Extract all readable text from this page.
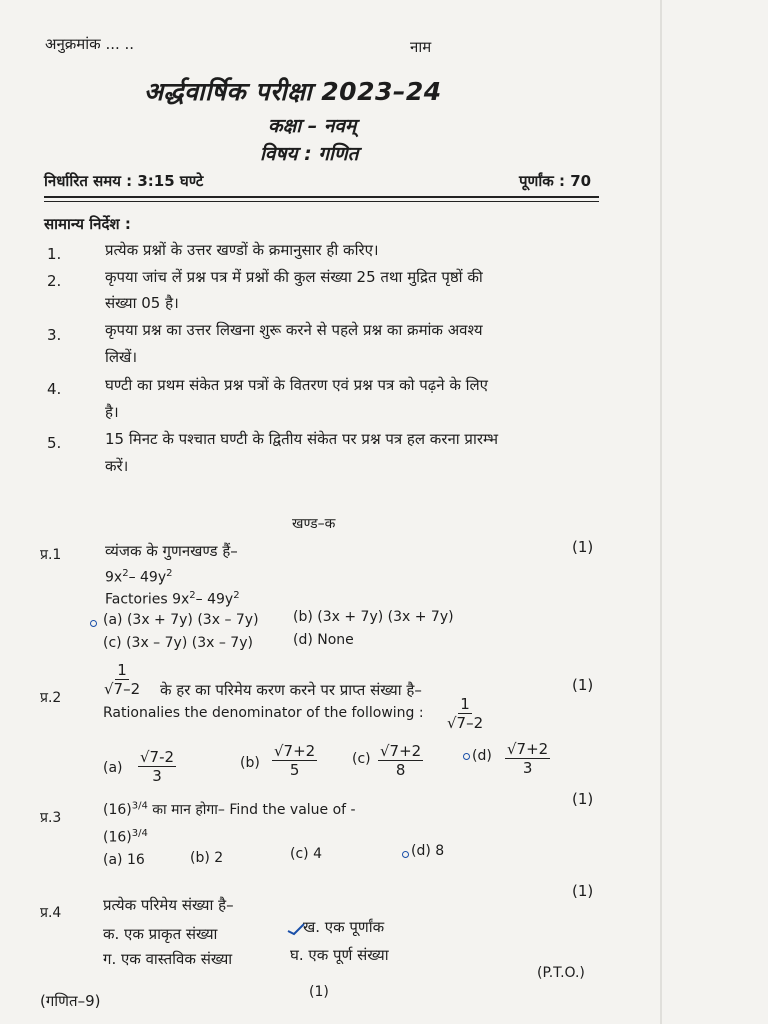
अनुक्रमांक ... ..	नाम
अर्द्धवार्षिक परीक्षा 2023–24
कक्षा – नवम्
विषय : गणित
निर्धारित समय : 3:15 घण्टे	पूर्णांक : 70
सामान्य निर्देश :
1.	प्रत्येक प्रश्नों के उत्तर खण्डों के क्रमानुसार ही करिए।
2.	कृपया जांच लें प्रश्न पत्र में प्रश्नों की कुल संख्या 25 तथा मुद्रित पृष्ठों की
संख्या 05 है।
3.	कृपया प्रश्न का उत्तर लिखना शुरू करने से पहले प्रश्न का क्रमांक अवश्य
लिखें।
4.	घण्टी का प्रथम संकेत प्रश्न पत्रों के वितरण एवं प्रश्न पत्र को पढ़ने के लिए
है।
5.	15 मिनट के पश्चात घण्टी के द्वितीय संकेत पर प्रश्न पत्र हल करना प्रारम्भ
करें।
खण्ड–क
प्र.1	व्यंजक के गुणनखण्ड हैं–	(1)
$9x^2-$ $49y^2$
Factories $9x^2-$ $49y^2$
(a) (3x + 7y) (3x – 7y) (b) (3x + 7y) (3x + 7y)
(c) (3x – 7y) (3x – 7y)	(d) None
प्र.2	$\frac{1}{√7-2}$ के हर का परिमेय करण करने पर प्राप्त संख्या है–	(1)
Rationalies the denominator of the following : $\frac{1}{√7-2}$
$(a) \frac{√7-2}{3}$	$(b) \frac{√7+2}{5} (c) \frac{√7+2}{8}$	$(d) \frac{√7+2}{3}$
प्र.3	$(16)^{3/4}$ का मान होगा– Find the value of -
(1)
$(16)^{3/4}$
(a) 16	(b) 2	(c) 4	(d) 8
प्र.4	प्रत्येक परिमेय संख्या है–
(1)
क. एक प्राकृत संख्या	ख. एक पूर्णांक
ग. एक वास्तविक संख्या	घ. एक पूर्ण संख्या
(गणित–9)	(1)
(P.T.O.)
